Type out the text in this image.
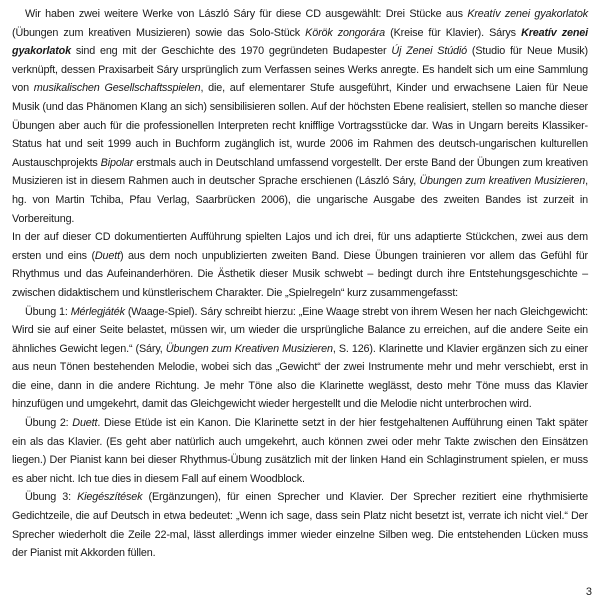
Wir haben zwei weitere Werke von László Sáry für diese CD ausgewählt: Drei Stücke aus Kreatív zenei gyakorlatok (Übungen zum kreativen Musizieren) sowie das Solo-Stück Körök zongorára (Kreise für Klavier). Sárys Kreatív zenei gyakorlatok sind eng mit der Geschichte des 1970 gegründeten Budapester Új Zenei Stúdió (Studio für Neue Musik) verknüpft, dessen Praxisarbeit Sáry ursprünglich zum Verfassen seines Werks anregte. Es handelt sich um eine Sammlung von musikalischen Gesellschaftsspielen, die, auf elementarer Stufe ausgeführt, Kinder und erwachsene Laien für Neue Musik (und das Phänomen Klang an sich) sensibilisieren sollen. Auf der höchsten Ebene realisiert, stellen so manche dieser Übungen aber auch für die professionellen Interpreten recht knifflige Vortragsstücke dar. Was in Ungarn bereits Klassiker-Status hat und seit 1999 auch in Buchform zugänglich ist, wurde 2006 im Rahmen des deutsch-ungarischen kulturellen Austauschprojekts Bipolar erstmals auch in Deutschland umfassend vorgestellt. Der erste Band der Übungen zum kreativen Musizieren ist in diesem Rahmen auch in deutscher Sprache erschienen (László Sáry, Übungen zum kreativen Musizieren, hg. von Martin Tchiba, Pfau Verlag, Saarbrücken 2006), die ungarische Ausgabe des zweiten Bandes ist zurzeit in Vorbereitung.

In der auf dieser CD dokumentierten Aufführung spielten Lajos und ich drei, für uns adaptierte Stückchen, zwei aus dem ersten und eins (Duett) aus dem noch unpublizierten zweiten Band. Diese Übungen trainieren vor allem das Gefühl für Rhythmus und das Aufeinanderhören. Die Ästhetik dieser Musik schwebt – bedingt durch ihre Entstehungsgeschichte – zwischen didaktischem und künstlerischem Charakter. Die „Spielregeln“ kurz zusammengefasst:

Übung 1: Mérlegjáték (Waage-Spiel). Sáry schreibt hierzu: „Eine Waage strebt von ihrem Wesen her nach Gleichgewicht: Wird sie auf einer Seite belastet, müssen wir, um wieder die ursprüngliche Balance zu erreichen, auf die andere Seite ein ähnliches Gewicht legen.“ (Sáry, Übungen zum Kreativen Musizieren, S. 126). Klarinette und Klavier ergänzen sich zu einer aus neun Tönen bestehenden Melodie, wobei sich das „Gewicht“ der zwei Instrumente mehr und mehr verschiebt, erst in die eine, dann in die andere Richtung. Je mehr Töne also die Klarinette weglässt, desto mehr Töne muss das Klavier hinzufügen und umgekehrt, damit das Gleichgewicht wieder hergestellt und die Melodie nicht unterbrochen wird.

Übung 2: Duett. Diese Etüde ist ein Kanon. Die Klarinette setzt in der hier festgehaltenen Aufführung einen Takt später ein als das Klavier. (Es geht aber natürlich auch umgekehrt, auch können zwei oder mehr Takte zwischen den Einsätzen liegen.) Der Pianist kann bei dieser Rhythmus-Übung zusätzlich mit der linken Hand ein Schlaginstrument spielen, er muss es aber nicht. Ich tue dies in diesem Fall auf einem Woodblock.

Übung 3: Kiegészítések (Ergänzungen), für einen Sprecher und Klavier. Der Sprecher rezitiert eine rhythmisierte Gedichtzeile, die auf Deutsch in etwa bedeutet: „Wenn ich sage, dass sein Platz nicht besetzt ist, verrate ich nicht viel.“ Der Sprecher wiederholt die Zeile 22-mal, lässt allerdings immer wieder einzelne Silben weg. Die entstehenden Lücken muss der Pianist mit Akkorden füllen.

3
